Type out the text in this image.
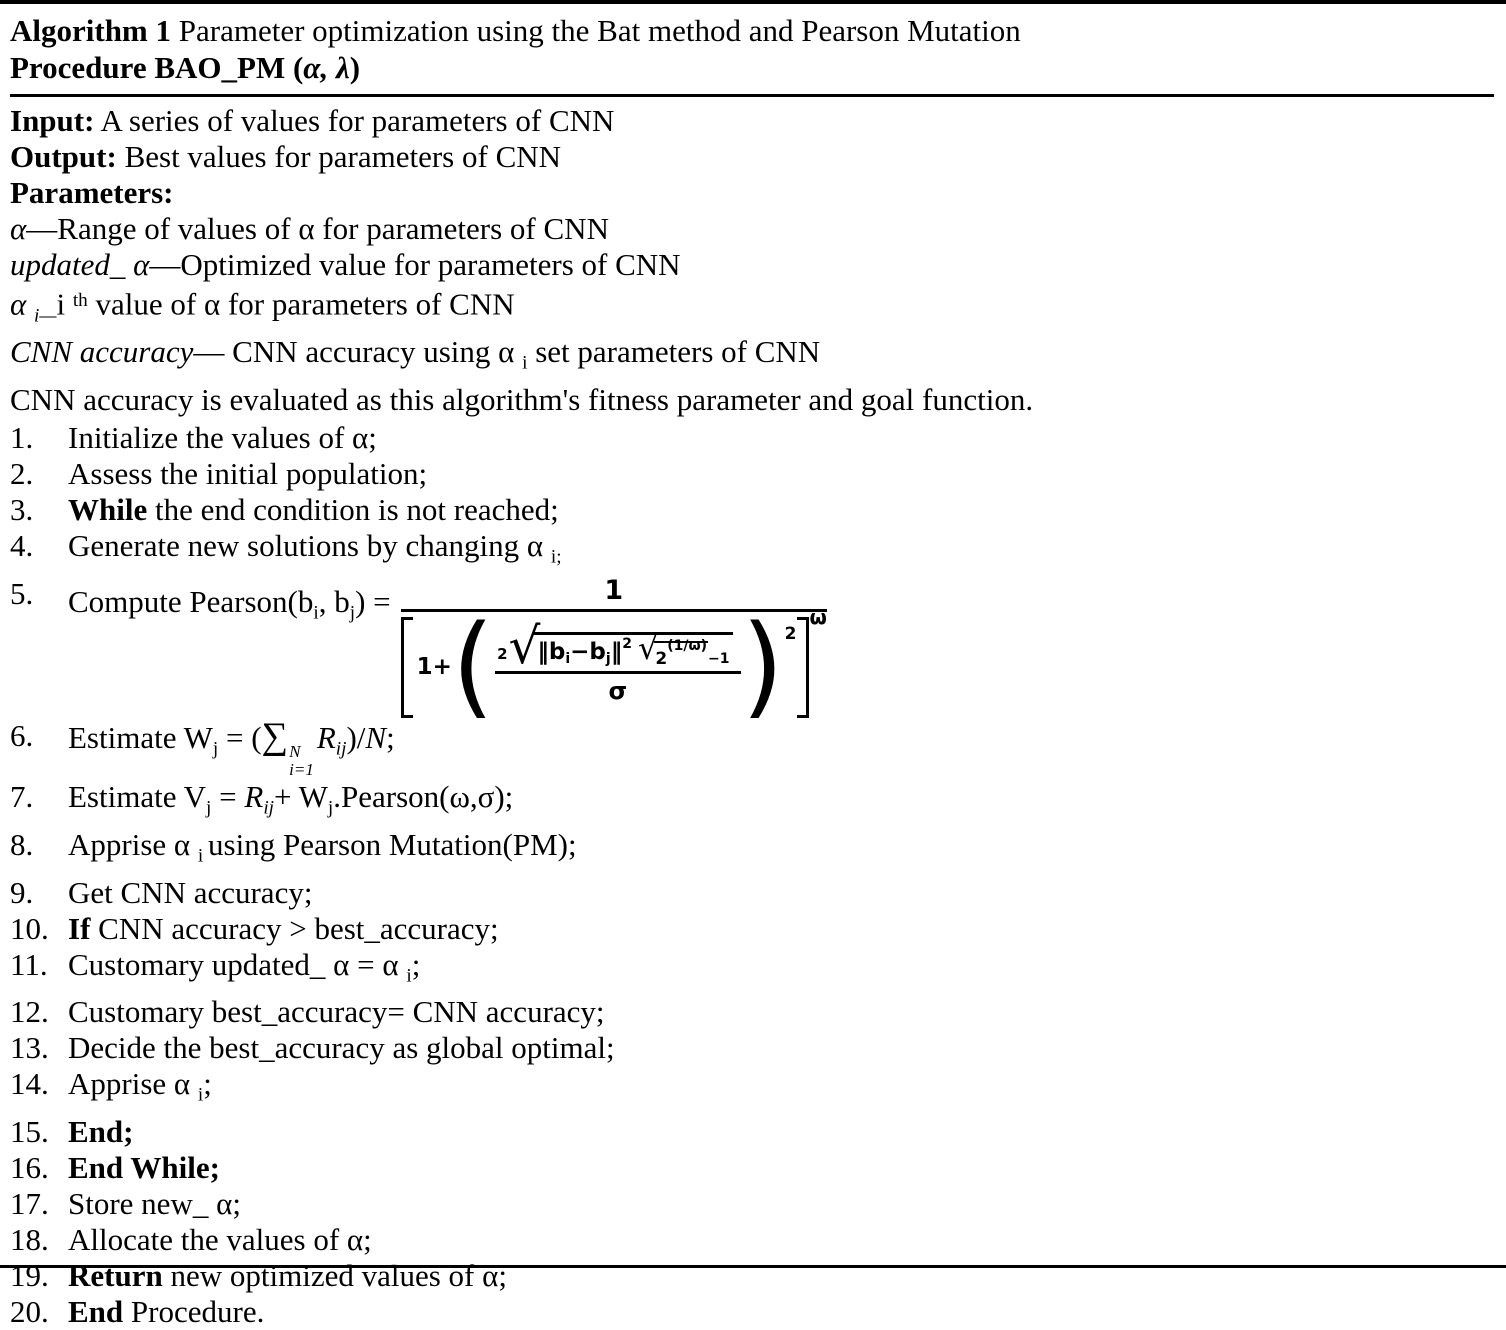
Algorithm 1 Parameter optimization using the Bat method and Pearson Mutation
Procedure BAO_PM (α, λ)
Input: A series of values for parameters of CNN
Output: Best values for parameters of CNN
Parameters:
α—Range of values of α for parameters of CNN
updated_ α—Optimized value for parameters of CNN
α $_{i—}$i $^{th}$ value of α for parameters of CNN
CNN accuracy— CNN accuracy using α $_i$ set parameters of CNN
CNN accuracy is evaluated as this algorithm's fitness parameter and goal function.
1.	Initialize the values of α;
2.	Assess the initial population;
3.	While the end condition is not reached;
4.	Generate new solutions by changing α $_{i;}$
5.	Compute $Pearson(b_i$, $b_j$) =	1
1+ ( 2 √
‖b i −b j ‖ 2 √
2
(1/ω)
−1
σ	) 2
ω
6.	Estimate $W_j$ = (∑ N
i=1
$R_{ij})/N$;
7.	Estimate $V_j = R_{ij}+$ $W_j.Pearson(\omega,\sigma)$;
8.	Apprise α $_i$ using Pearson Mutation(PM);
9.	Get CNN accuracy;
10. If CNN accuracy > best_accuracy;
11. Customary updated_ α = α $_i$;
12. Customary best_accuracy= CNN accuracy;
13. Decide the best_accuracy as global optimal;
14. Apprise α $_i$;
15. End;
16. End While;
17. Store new_ α;
18. Allocate the values of α;
19. Return new optimized values of α;
20. End Procedure.
